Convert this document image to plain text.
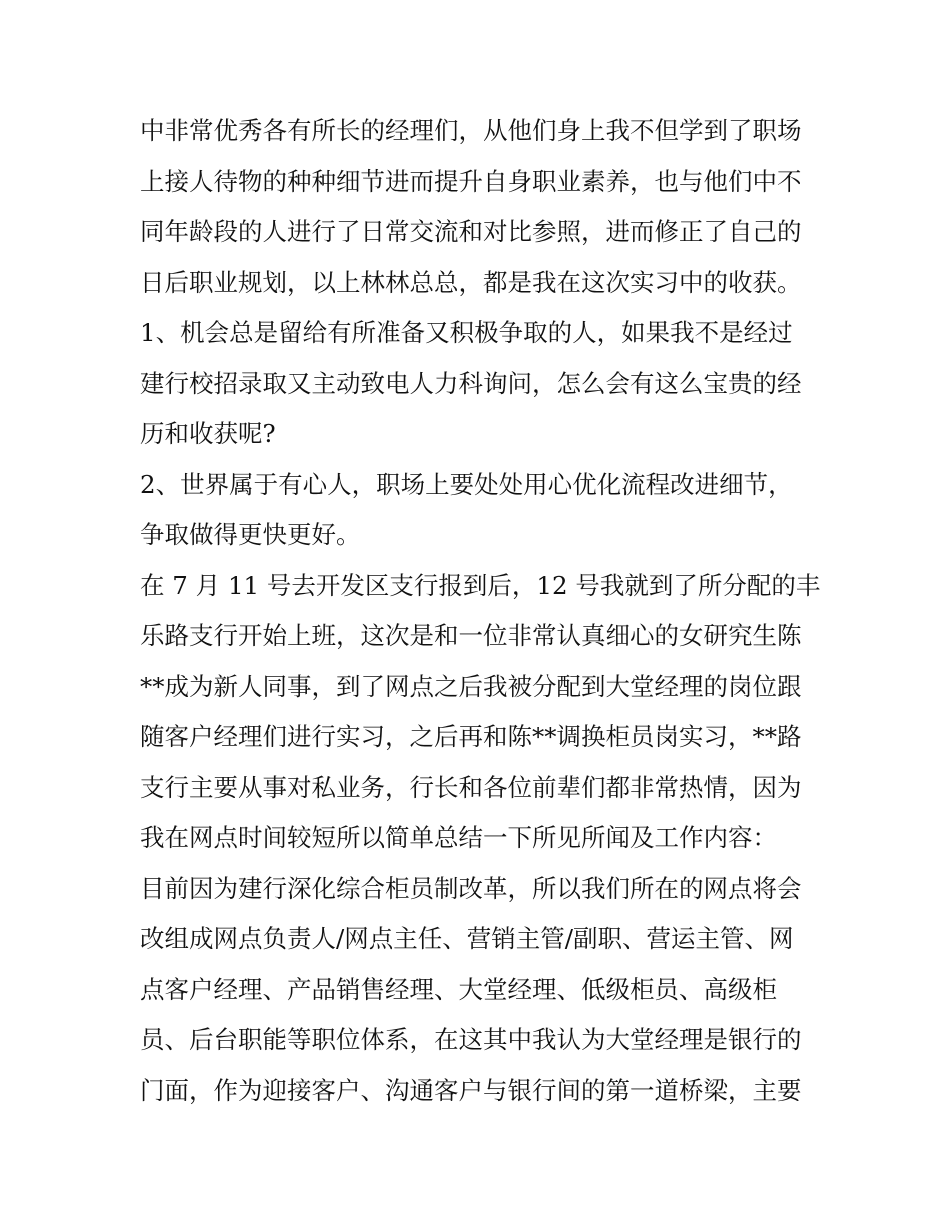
中非常优秀各有所长的经理们，从他们身上我不但学到了职场
上接人待物的种种细节进而提升自身职业素养，也与他们中不
同年龄段的人进行了日常交流和对比参照，进而修正了自己的
日后职业规划，以上林林总总，都是我在这次实习中的收获。
1、机会总是留给有所准备又积极争取的人，如果我不是经过
建行校招录取又主动致电人力科询问，怎么会有这么宝贵的经
历和收获呢?
2、世界属于有心人，职场上要处处用心优化流程改进细节，
争取做得更快更好。
在 7 月 11 号去开发区支行报到后，12 号我就到了所分配的丰
乐路支行开始上班，这次是和一位非常认真细心的女研究生陈
**成为新人同事，到了网点之后我被分配到大堂经理的岗位跟
随客户经理们进行实习，之后再和陈**调换柜员岗实习，**路
支行主要从事对私业务，行长和各位前辈们都非常热情，因为
我在网点时间较短所以简单总结一下所见所闻及工作内容：
目前因为建行深化综合柜员制改革，所以我们所在的网点将会
改组成网点负责人/网点主任、营销主管/副职、营运主管、网
点客户经理、产品销售经理、大堂经理、低级柜员、高级柜
员、后台职能等职位体系，在这其中我认为大堂经理是银行的
门面，作为迎接客户、沟通客户与银行间的第一道桥梁，主要
